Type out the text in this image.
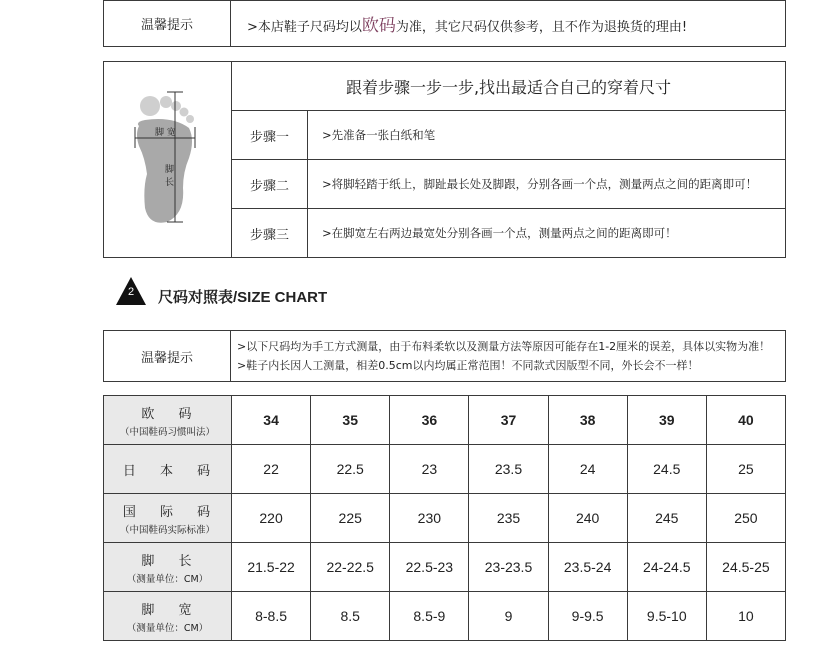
温馨提示	>本店鞋子尺码均以欧码为准，其它尺码仅供参考，且不作为退换货的理由!
脚 宽
脚
长	跟着步骤一步一步,找出最适合自己的穿着尺寸	
	步骤一	>先准备一张白纸和笔
	步骤二	>将脚轻踏于纸上，脚趾最长处及脚跟，分别各画一个点，测量两点之间的距离即可！
	步骤三	>在脚宽左右两边最宽处分别各画一个点，测量两点之间的距离即可！
2 尺码对照表/SIZE CHART
温馨提示	
>以下尺码均为手工方式测量，由于布料柔软以及测量方法等原因可能存在1-2厘米的误差，具体以实物为准！
>鞋子内长因人工测量，相差0.5cm以内均属正常范围！不同款式因版型不同，外长会不一样！
欧 码
（中国鞋码习惯叫法）	34	35	36	37	38	39	40

日 本 码	22	22.5	23	23.5	24	24.5	25

国 际 码
（中国鞋码实际标准）	220	225	230	235	240	245	250

脚 长
（测量单位：CM）	21.5-22	22-22.5	22.5-23	23-23.5	23.5-24	24-24.5	24.5-25

脚 宽
（测量单位：CM）	8-8.5	8.5	8.5-9	9	9-9.5	9.5-10	10
